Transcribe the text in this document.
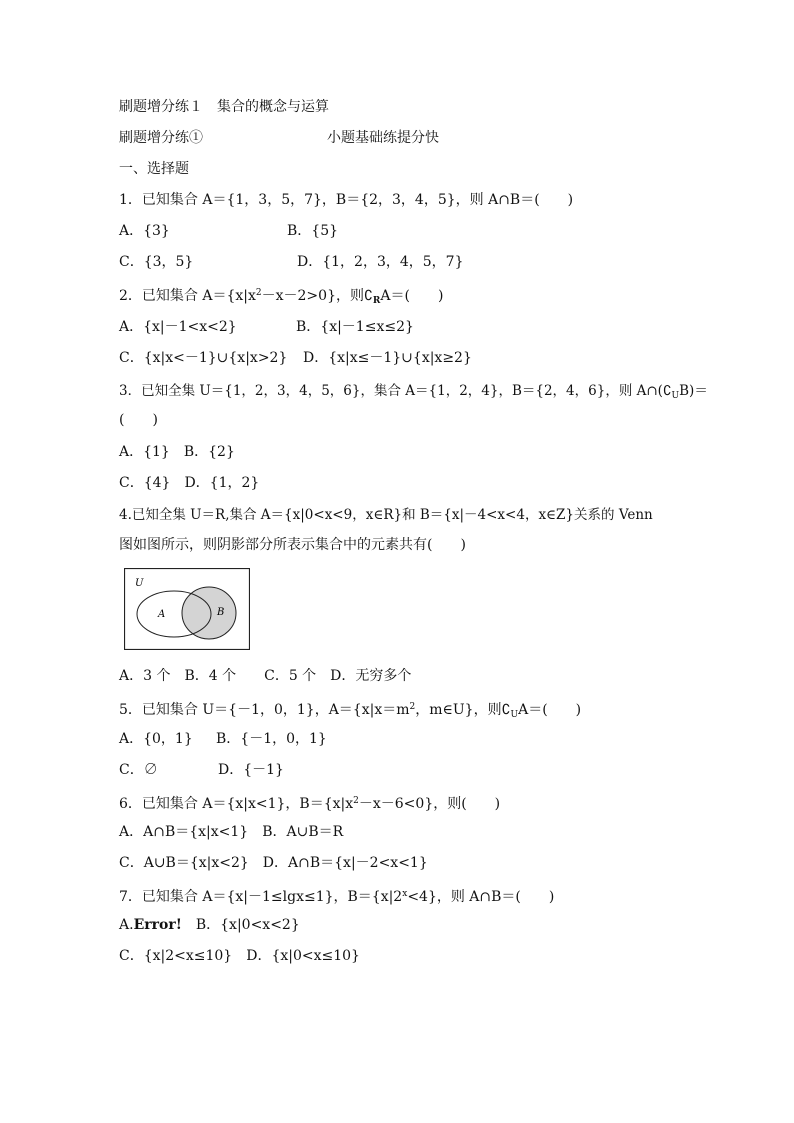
刷题增分练１　集合的概念与运算
刷题增分练①	小题基础练提分快
一、选择题
1．已知集合 A＝{1，3，5，7}，B＝{2，3，4，5}，则 A∩B＝(　　)
A．{3}	B．{5}
C．{3，5}	D．{1，2，3，4，5，7}
2．已知集合 $A=\{x|x^2-x-2>0\}$，则$∁_RA=$(　　)
A．{x|－1<x<2}	B．{x|－1≤x≤2}
C．{x|x<－1}∪{x|x>2} D．{x|x≤－1}∪{x|x≥2}
3．已知全集 U＝{1，2，3，4，5，6}，集合 A＝{1，2，4}，B＝{2，4，6}，则 $A\cap(∁_UB)=$
(　　)
A．{1}　 B．{2}
C．{4}　 D．{1，2}
4.已知全集 U＝R,集合 A＝{x|0<x<9，x∈R}和 B＝{x|－4<x<4，x∈Z}关系的 Venn
图如图所示，则阴影部分所表示集合中的元素共有(　　)
U
A	B
A．3 个　B．4 个　　C．5 个　D．无穷多个
5．已知集合 U＝{－1，0，1}，$A=\{x|x=m^2$，m∈U}，则$∁_UA=$(　　)
A．{0，1} B．{－1，0，1}
C．∅	D．{－1}
6．已知集合 A＝{x|x<1}，$B=\{x|x^2-x-6<0\}$，则(　　)
A．A∩B＝{x|x<1}　B．A∪B＝R
C．A∪B＝{x|x<2}　D．A∩B＝{x|－2<x<1}
7．已知集合 A＝{x|－1≤lgx≤1}，$B=\{x|2^x<4\}$，则 A∩B＝(　　)
A.Error!　 B．{x|0<x<2}
C．{x|2<x≤10}　D．{x|0<x≤10}
